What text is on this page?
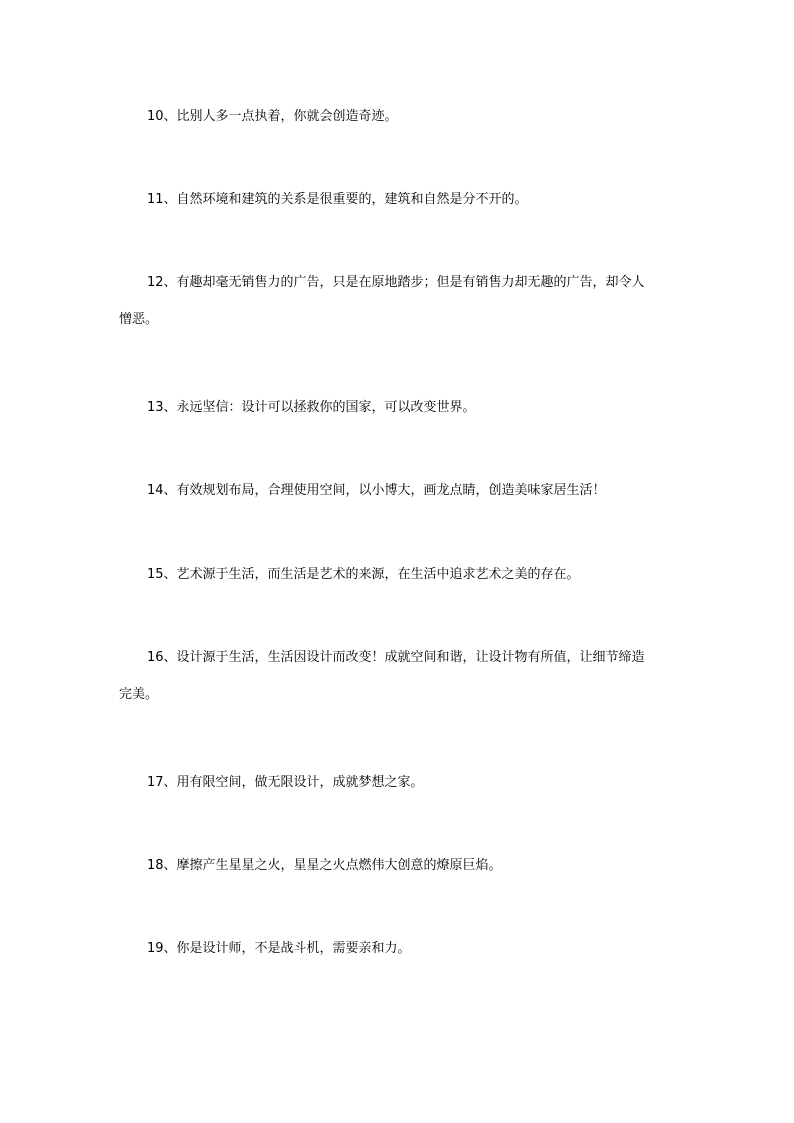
10、比别人多一点执着，你就会创造奇迹。
11、自然环境和建筑的关系是很重要的，建筑和自然是分不开的。
12、有趣却毫无销售力的广告，只是在原地踏步；但是有销售力却无趣的广告，却令人
憎恶。
13、永远坚信：设计可以拯救你的国家，可以改变世界。
14、有效规划布局，合理使用空间，以小博大，画龙点睛，创造美味家居生活！
15、艺术源于生活，而生活是艺术的来源，在生活中追求艺术之美的存在。
16、设计源于生活，生活因设计而改变！成就空间和谐，让设计物有所值，让细节缔造
完美。
17、用有限空间，做无限设计，成就梦想之家。
18、摩擦产生星星之火，星星之火点燃伟大创意的燎原巨焰。
19、你是设计师，不是战斗机，需要亲和力。
